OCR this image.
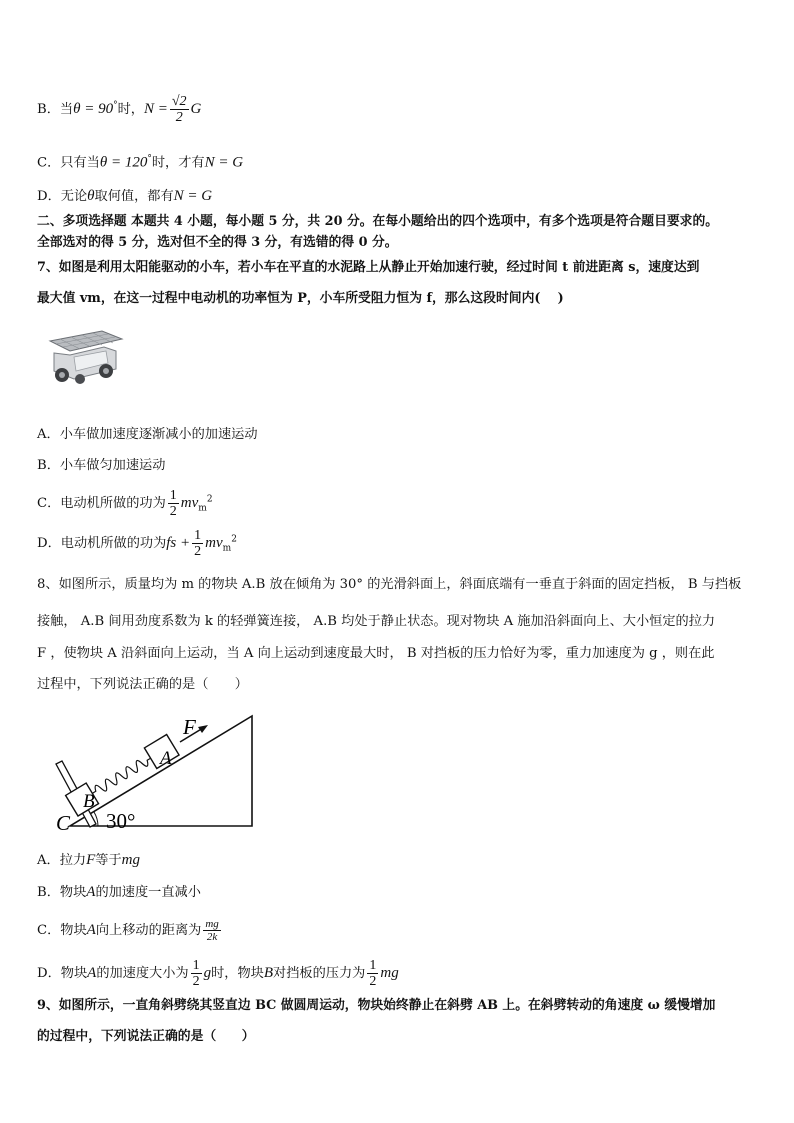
B．当θ = 90°时，$N = \frac{√2}{2}$ G
C．只有当θ = 120°时，才有N = G
D．无论θ取何值，都有N = G
二、多项选择题 本题共 4 小题，每小题 5 分，共 20 分。在每小题给出的四个选项中，有多个选项是符合题目要求的。
全部选对的得 5 分，选对但不全的得 3 分，有选错的得 0 分。
7、如图是利用太阳能驱动的小车，若小车在平直的水泥路上从静止开始加速行驶，经过时间 t 前进距离 s，速度达到
最大值 vm，在这一过程中电动机的功率恒为 P，小车所受阻力恒为 f，那么这段时间内(　 )
A．小车做加速度逐渐减小的加速运动
B．小车做匀加速运动
C．电动机所做的功为 $\frac{1}{2} mv_m^2$
D．电动机所做的功为fs + $\frac{1}{2} mv_m^2$
8、如图所示，质量均为 m 的物块 A.B 放在倾角为 30° 的光滑斜面上，斜面底端有一垂直于斜面的固定挡板， B 与挡板
接触， A.B 间用劲度系数为 k 的轻弹簧连接， A.B 均处于静止状态。现对物块 A 施加沿斜面向上、大小恒定的拉力
F ，使物块 A 沿斜面向上运动，当 A 向上运动到速度最大时， B 对挡板的压力恰好为零，重力加速度为 g ，则在此
过程中，下列说法正确的是（　　）
F
A
B
C 30°
A．拉力F等于mg
B．物块A的加速度一直减小
C．物块A向上移动的距离为 $\frac{mg}{2k}$
D．物块A的加速度大小为 $\frac{1}{2}$ g时，物块B对挡板的压力为 $\frac{1}{2}$ mg
9、如图所示，一直角斜劈绕其竖直边 BC 做圆周运动，物块始终静止在斜劈 AB 上。在斜劈转动的角速度 ω 缓慢增加
的过程中，下列说法正确的是（　　）
